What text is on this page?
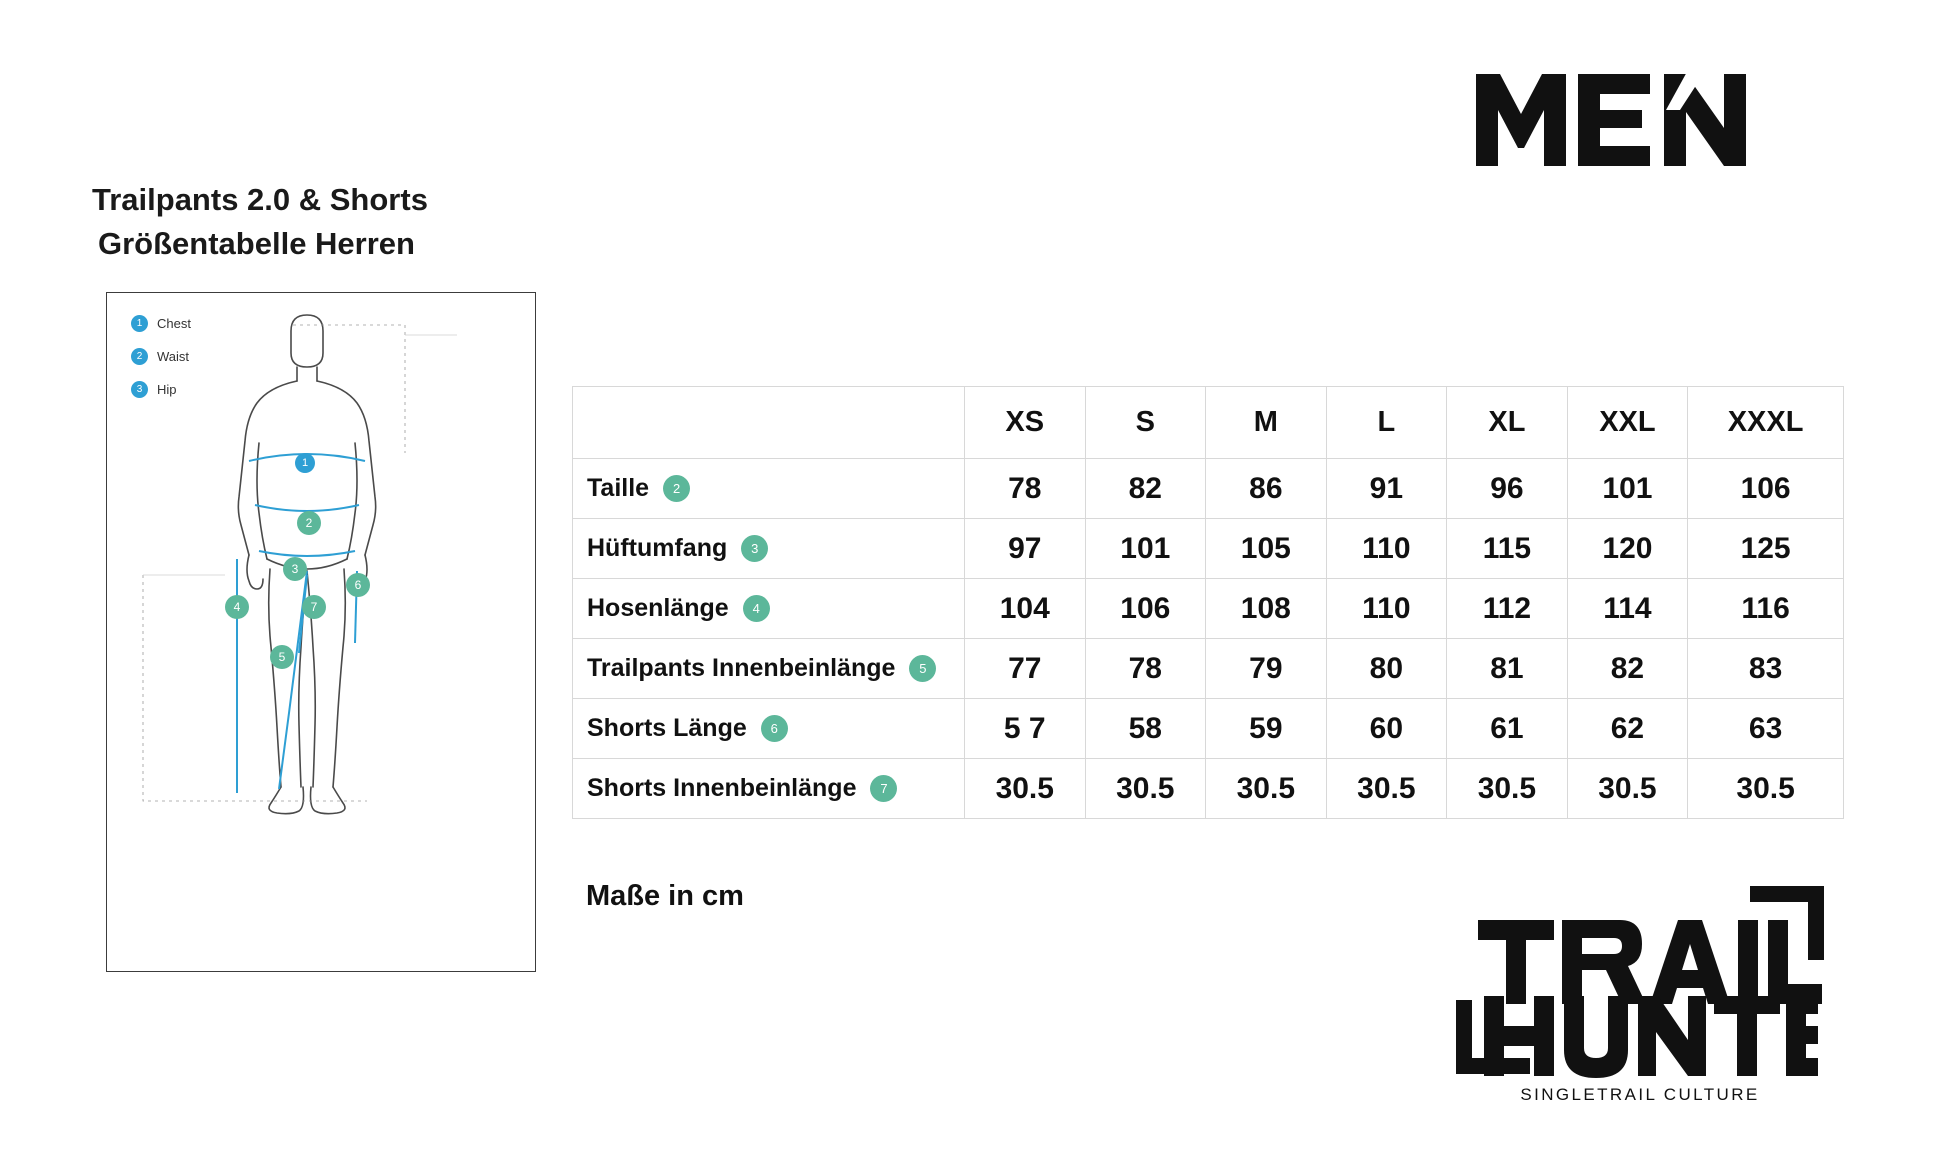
Trailpants 2.0 & Shorts
Größentabelle Herren
1	Chest
2	Waist
3	Hip
1
2
3
4
5
6
7
	XS	S	M	L	XL	XXL	XXXL

Taille 2	78	82	86	91	96	101	106

Hüftumfang 3	97	101	105	110	115	120	125

Hosenlänge 4	104	106	108	110	112	114	116

Trailpants Innenbeinlänge 5	77	78	79	80	81	82	83

Shorts Länge 6	5 7	58	59	60	61	62	63

Shorts Innenbeinlänge 7	30.5	30.5	30.5	30.5	30.5	30.5	30.5
Maße in cm
SINGLETRAIL CULTURE
